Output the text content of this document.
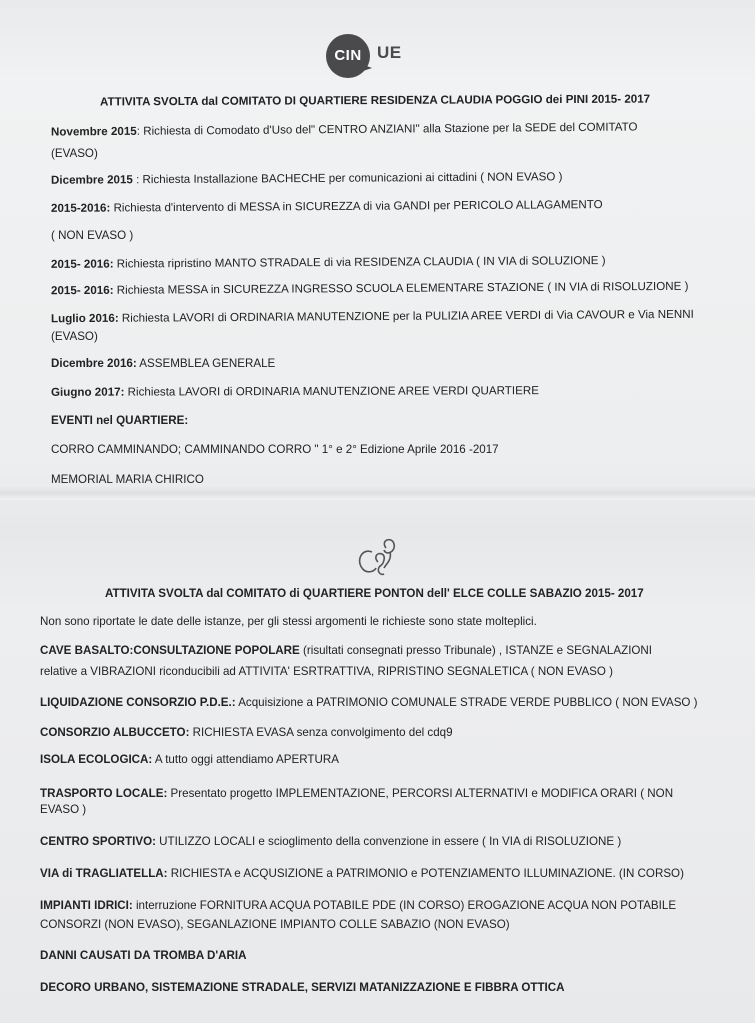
CIN UE
ATTIVITA SVOLTA dal COMITATO DI QUARTIERE RESIDENZA CLAUDIA POGGIO dei PINI 2015- 2017
Novembre 2015: Richiesta di Comodato d'Uso del" CENTRO ANZIANI" alla Stazione per la SEDE del COMITATO
(EVASO)
Dicembre 2015 : Richiesta Installazione BACHECHE per comunicazioni ai cittadini ( NON EVASO )
2015-2016: Richiesta d'intervento di MESSA in SICUREZZA di via GANDI per PERICOLO ALLAGAMENTO
( NON EVASO )
2015- 2016: Richiesta ripristino MANTO STRADALE di via RESIDENZA CLAUDIA ( IN VIA di SOLUZIONE )
2015- 2016: Richiesta MESSA in SICUREZZA INGRESSO SCUOLA ELEMENTARE STAZIONE ( IN VIA di RISOLUZIONE )
Luglio 2016: Richiesta LAVORI di ORDINARIA MANUTENZIONE per la PULIZIA AREE VERDI di Via CAVOUR e Via NENNI
(EVASO)
Dicembre 2016: ASSEMBLEA GENERALE
Giugno 2017: Richiesta LAVORI di ORDINARIA MANUTENZIONE AREE VERDI QUARTIERE
EVENTI nel QUARTIERE:
CORRO CAMMINANDO; CAMMINANDO CORRO " 1° e 2° Edizione Aprile 2016 -2017
MEMORIAL MARIA CHIRICO
ATTIVITA SVOLTA dal COMITATO di QUARTIERE PONTON dell' ELCE COLLE SABAZIO 2015- 2017
Non sono riportate le date delle istanze, per gli stessi argomenti le richieste sono state molteplici.
CAVE BASALTO:CONSULTAZIONE POPOLARE (risultati consegnati presso Tribunale) , ISTANZE e SEGNALAZIONI
relative a VIBRAZIONI riconducibili ad ATTIVITA' ESRTRATTIVA, RIPRISTINO SEGNALETICA ( NON EVASO )
LIQUIDAZIONE CONSORZIO P.D.E.: Acquisizione a PATRIMONIO COMUNALE STRADE VERDE PUBBLICO ( NON EVASO )
CONSORZIO ALBUCCETO: RICHIESTA EVASA senza convolgimento del cdq9
ISOLA ECOLOGICA: A tutto oggi attendiamo APERTURA
TRASPORTO LOCALE: Presentato progetto IMPLEMENTAZIONE, PERCORSI ALTERNATIVI e MODIFICA ORARI ( NON
EVASO )
CENTRO SPORTIVO: UTILIZZO LOCALI e scioglimento della convenzione in essere ( In VIA di RISOLUZIONE )
VIA di TRAGLIATELLA: RICHIESTA e ACQUSIZIONE a PATRIMONIO e POTENZIAMENTO ILLUMINAZIONE. (IN CORSO)
IMPIANTI IDRICI: interruzione FORNITURA ACQUA POTABILE PDE (IN CORSO) EROGAZIONE ACQUA NON POTABILE
CONSORZI (NON EVASO), SEGANLAZIONE IMPIANTO COLLE SABAZIO (NON EVASO)
DANNI CAUSATI DA TROMBA D'ARIA
DECORO URBANO, SISTEMAZIONE STRADALE, SERVIZI MATANIZZAZIONE E FIBBRA OTTICA
